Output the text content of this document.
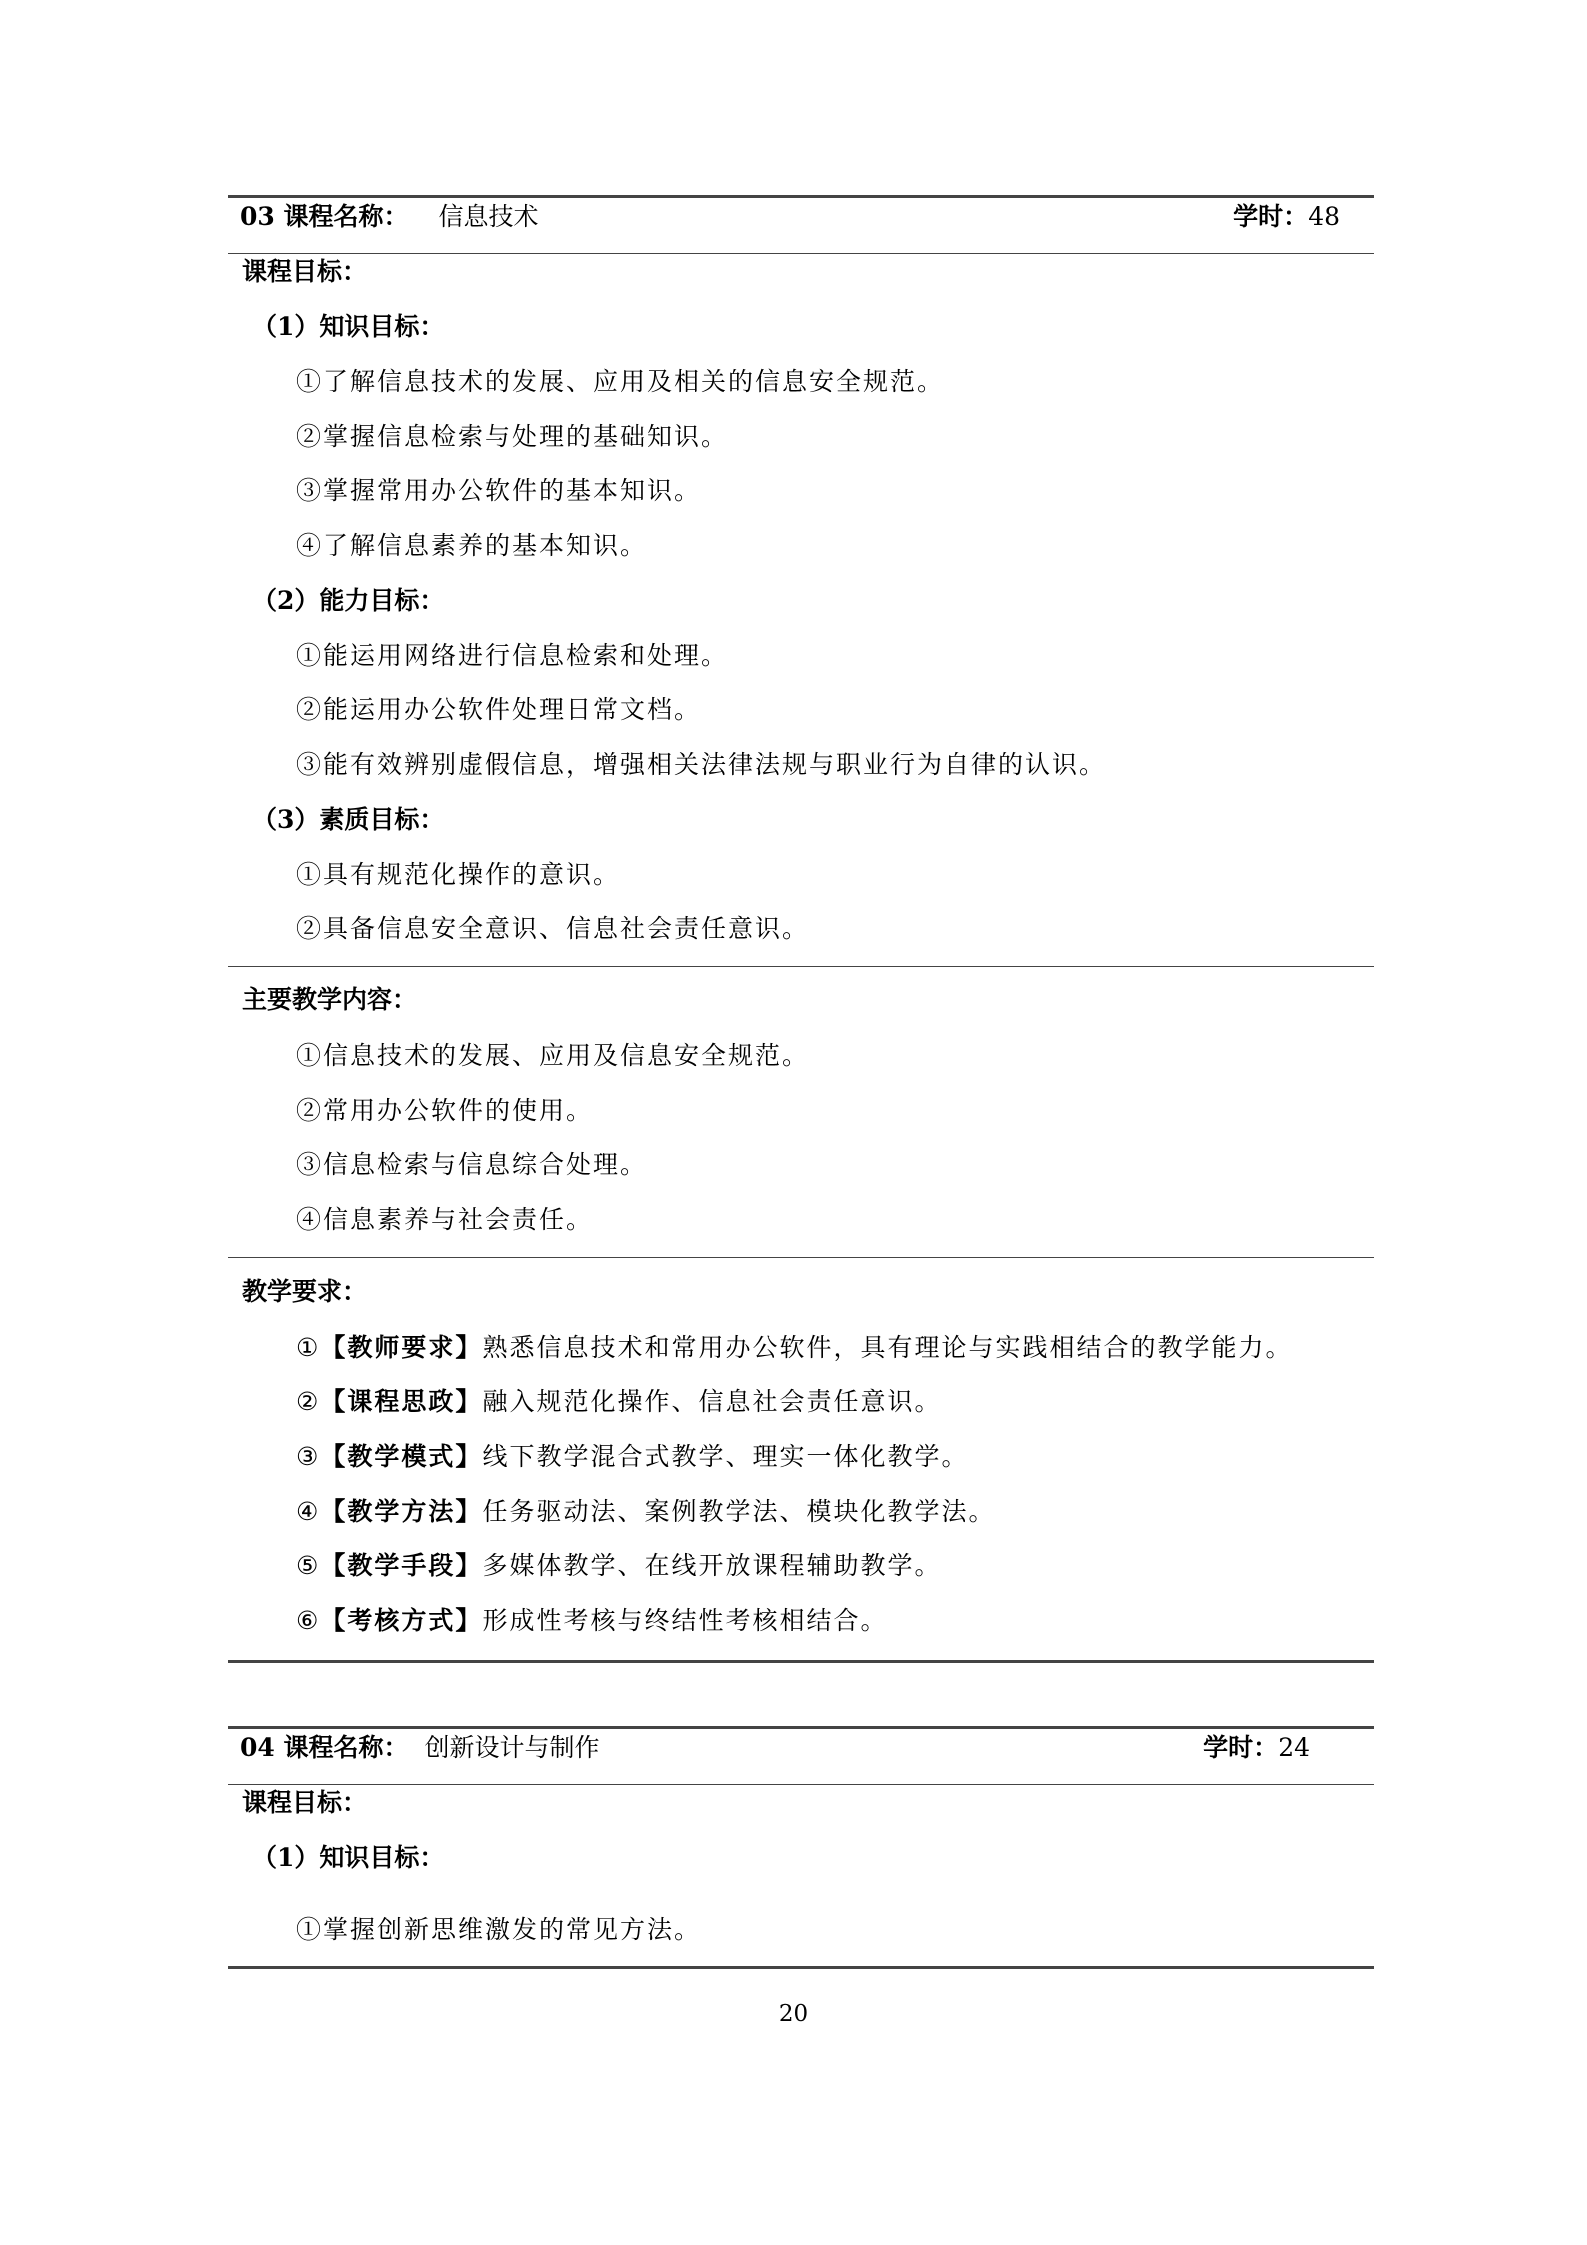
03 课程名称： 信息技术	学时：48
课程目标：
（1）知识目标：
①了解信息技术的发展、应用及相关的信息安全规范。
②掌握信息检索与处理的基础知识。
③掌握常用办公软件的基本知识。
④了解信息素养的基本知识。
（2）能力目标：
①能运用网络进行信息检索和处理。
②能运用办公软件处理日常文档。
③能有效辨别虚假信息，增强相关法律法规与职业行为自律的认识。
（3）素质目标：
①具有规范化操作的意识。
②具备信息安全意识、信息社会责任意识。
主要教学内容：
①信息技术的发展、应用及信息安全规范。
②常用办公软件的使用。
③信息检索与信息综合处理。
④信息素养与社会责任。
教学要求：
①【教师要求】熟悉信息技术和常用办公软件，具有理论与实践相结合的教学能力。
②【课程思政】融入规范化操作、信息社会责任意识。
③【教学模式】线下教学混合式教学、理实一体化教学。
④【教学方法】任务驱动法、案例教学法、模块化教学法。
⑤【教学手段】多媒体教学、在线开放课程辅助教学。
⑥【考核方式】形成性考核与终结性考核相结合。
04 课程名称： 创新设计与制作	学时：24
课程目标：
（1）知识目标：
①掌握创新思维激发的常见方法。
20
